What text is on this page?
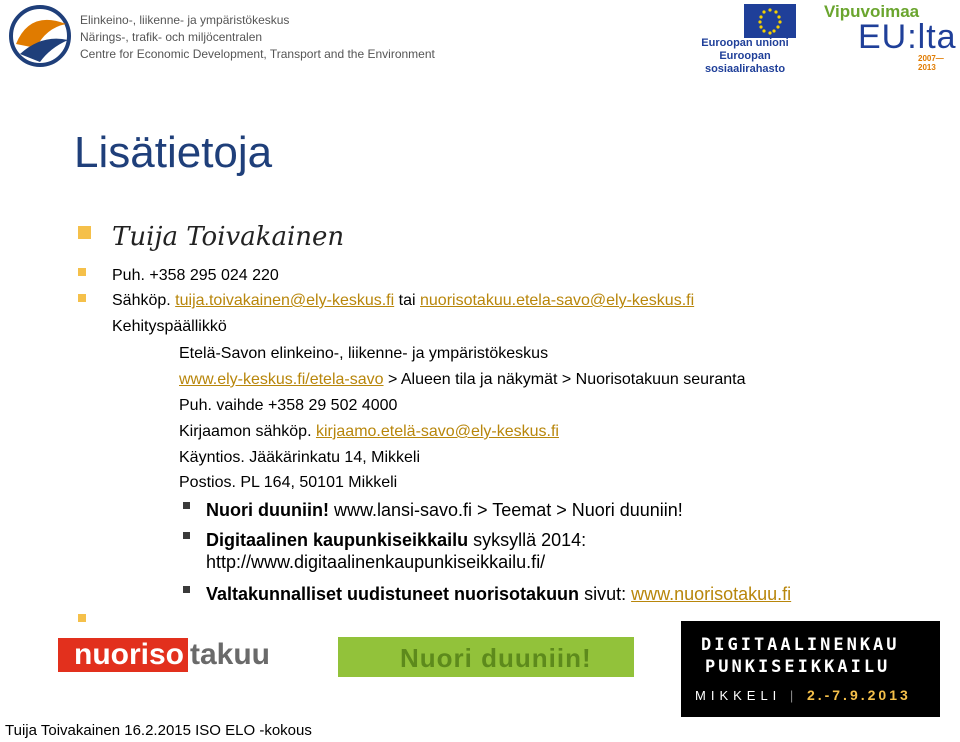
Elinkeino-, liikenne- ja ympäristökeskus
Närings-, trafik- och miljöcentralen
Centre for Economic Development, Transport and the Environment
Euroopan unioni
Euroopan sosiaalirahasto
Vipuvoimaa
EU:lta
2007—2013
Lisätietoja
Tuija Toivakainen
Puh. +358 295 024 220
Sähköp. tuija.toivakainen@ely-keskus.fi tai nuorisotakuu.etela-savo@ely-keskus.fi
Kehityspäällikkö
Etelä-Savon elinkeino-, liikenne- ja ympäristökeskus
www.ely-keskus.fi/etela-savo > Alueen tila ja näkymät > Nuorisotakuun seuranta
Puh. vaihde +358 29 502 4000
Kirjaamon sähköp. kirjaamo.etelä-savo@ely-keskus.fi
Käyntios. Jääkärinkatu 14, Mikkeli
Postios. PL 164, 50101 Mikkeli
Nuori duuniin! www.lansi-savo.fi > Teemat > Nuori duuniin!
Digitaalinen kaupunkiseikkailu syksyllä 2014:
http://www.digitaalinenkaupunkiseikkailu.fi/
Valtakunnalliset uudistuneet nuorisotakuun sivut: www.nuorisotakuu.fi
nuoriso takuu	Nuori duuniin!	DIGITAALINENKAU
PUNKISEIKKAILU
MIKKELI | 2.-7.9.2013
Tuija Toivakainen 16.2.2015 ISO ELO -kokous
